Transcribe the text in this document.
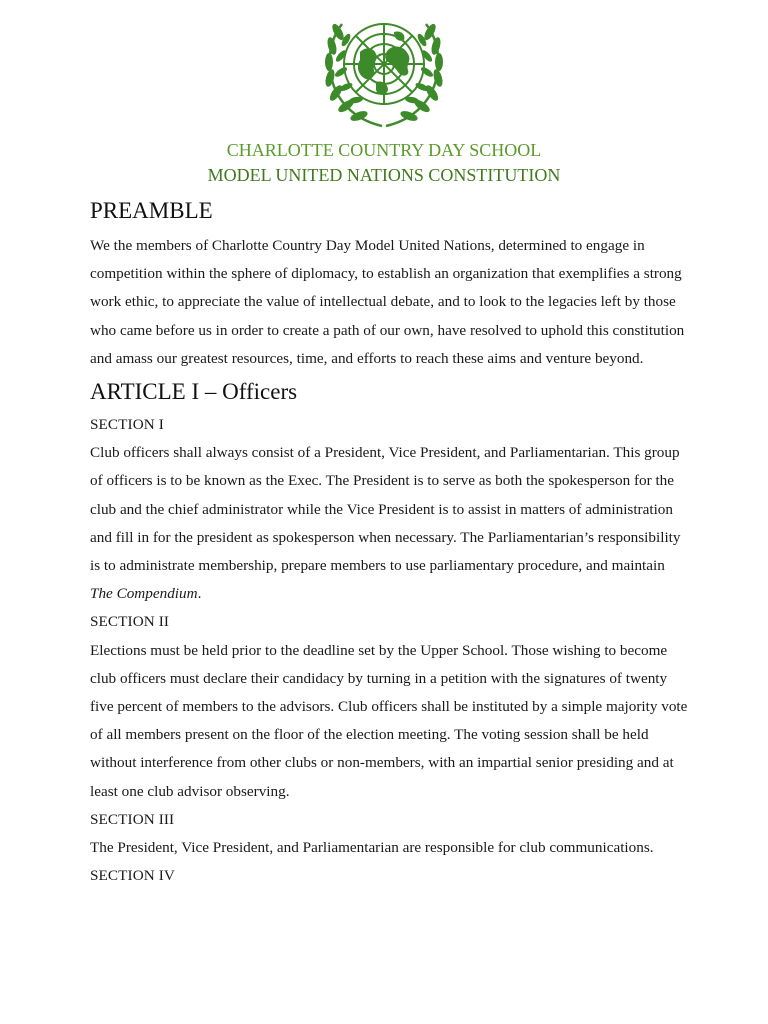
CHARLOTTE COUNTRY DAY SCHOOL
MODEL UNITED NATIONS CONSTITUTION
PREAMBLE

We the members of Charlotte Country Day Model United Nations, determined to engage in competition within the sphere of diplomacy, to establish an organization that exemplifies a strong work ethic, to appreciate the value of intellectual debate, and to look to the legacies left by those who came before us in order to create a path of our own, have resolved to uphold this constitution and amass our greatest resources, time, and efforts to reach these aims and venture beyond.

ARTICLE I – Officers
SECTION I

Club officers shall always consist of a President, Vice President, and Parliamentarian. This group of officers is to be known as the Exec. The President is to serve as both the spokesperson for the club and the chief administrator while the Vice President is to assist in matters of administration and fill in for the president as spokesperson when necessary. The Parliamentarian’s responsibility is to administrate membership, prepare members to use parliamentary procedure, and maintain The Compendium.

SECTION II

Elections must be held prior to the deadline set by the Upper School. Those wishing to become club officers must declare their candidacy by turning in a petition with the signatures of twenty five percent of members to the advisors. Club officers shall be instituted by a simple majority vote of all members present on the floor of the election meeting. The voting session shall be held without interference from other clubs or non-members, with an impartial senior presiding and at least one club advisor observing.

SECTION III

The President, Vice President, and Parliamentarian are responsible for club communications.

SECTION IV
